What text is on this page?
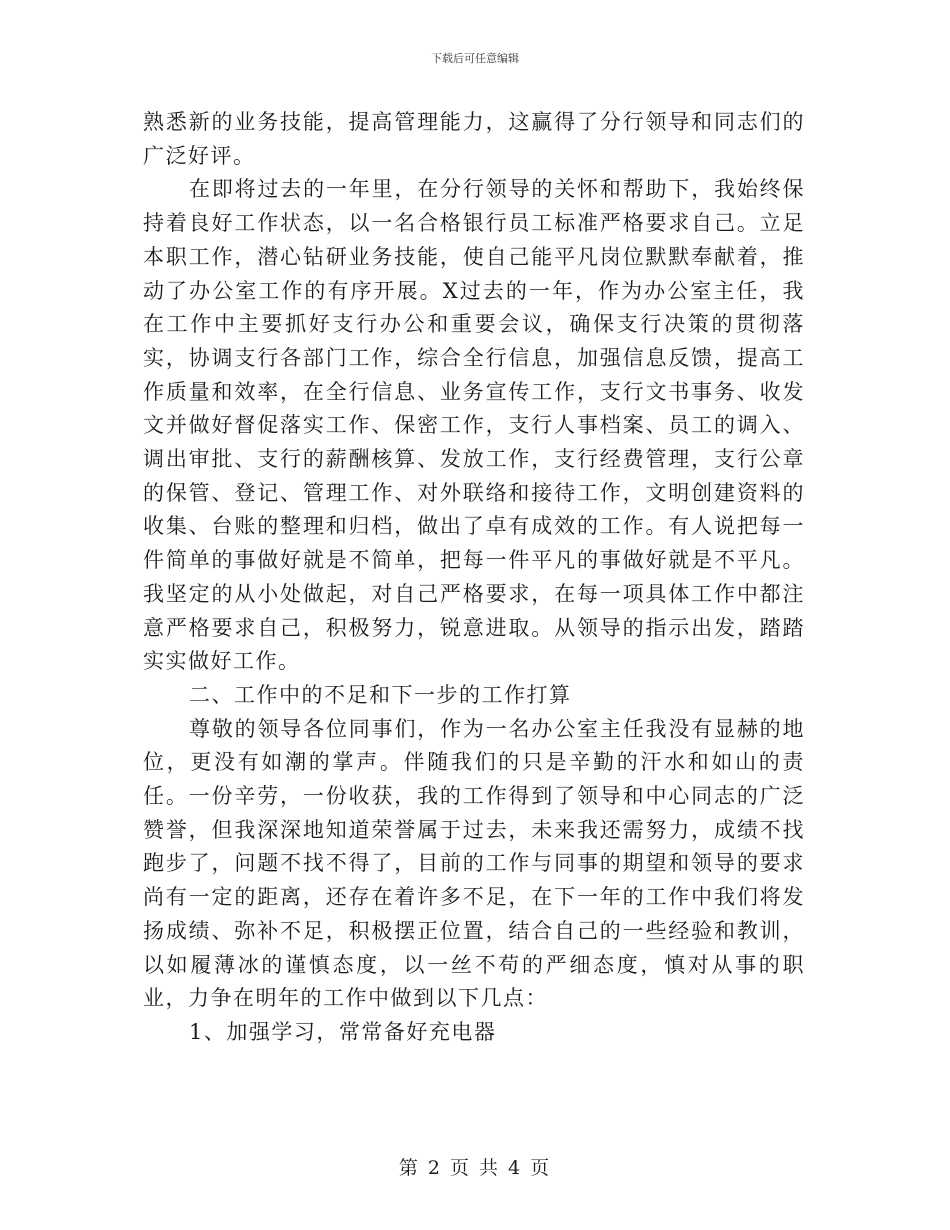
下载后可任意编辑

熟悉新的业务技能，提高管理能力，这赢得了分行领导和同志们的广泛好评。

在即将过去的一年里，在分行领导的关怀和帮助下，我始终保持着良好工作状态，以一名合格银行员工标准严格要求自己。立足本职工作，潜心钻研业务技能，使自己能平凡岗位默默奉献着，推动了办公室工作的有序开展。X过去的一年，作为办公室主任，我在工作中主要抓好支行办公和重要会议，确保支行决策的贯彻落实，协调支行各部门工作，综合全行信息，加强信息反馈，提高工作质量和效率，在全行信息、业务宣传工作，支行文书事务、收发文并做好督促落实工作、保密工作，支行人事档案、员工的调入、调出审批、支行的薪酬核算、发放工作，支行经费管理，支行公章的保管、登记、管理工作、对外联络和接待工作，文明创建资料的收集、台账的整理和归档，做出了卓有成效的工作。有人说把每一件简单的事做好就是不简单，把每一件平凡的事做好就是不平凡。我坚定的从小处做起，对自己严格要求，在每一项具体工作中都注意严格要求自己，积极努力，锐意进取。从领导的指示出发，踏踏实实做好工作。

二、工作中的不足和下一步的工作打算

尊敬的领导各位同事们，作为一名办公室主任我没有显赫的地位，更没有如潮的掌声。伴随我们的只是辛勤的汗水和如山的责任。一份辛劳，一份收获，我的工作得到了领导和中心同志的广泛赞誉，但我深深地知道荣誉属于过去，未来我还需努力，成绩不找跑步了，问题不找不得了，目前的工作与同事的期望和领导的要求尚有一定的距离，还存在着许多不足，在下一年的工作中我们将发扬成绩、弥补不足，积极摆正位置，结合自己的一些经验和教训，以如履薄冰的谨慎态度，以一丝不苟的严细态度，慎对从事的职业，力争在明年的工作中做到以下几点：

1、加强学习，常常备好充电器

第 2 页 共 4 页
